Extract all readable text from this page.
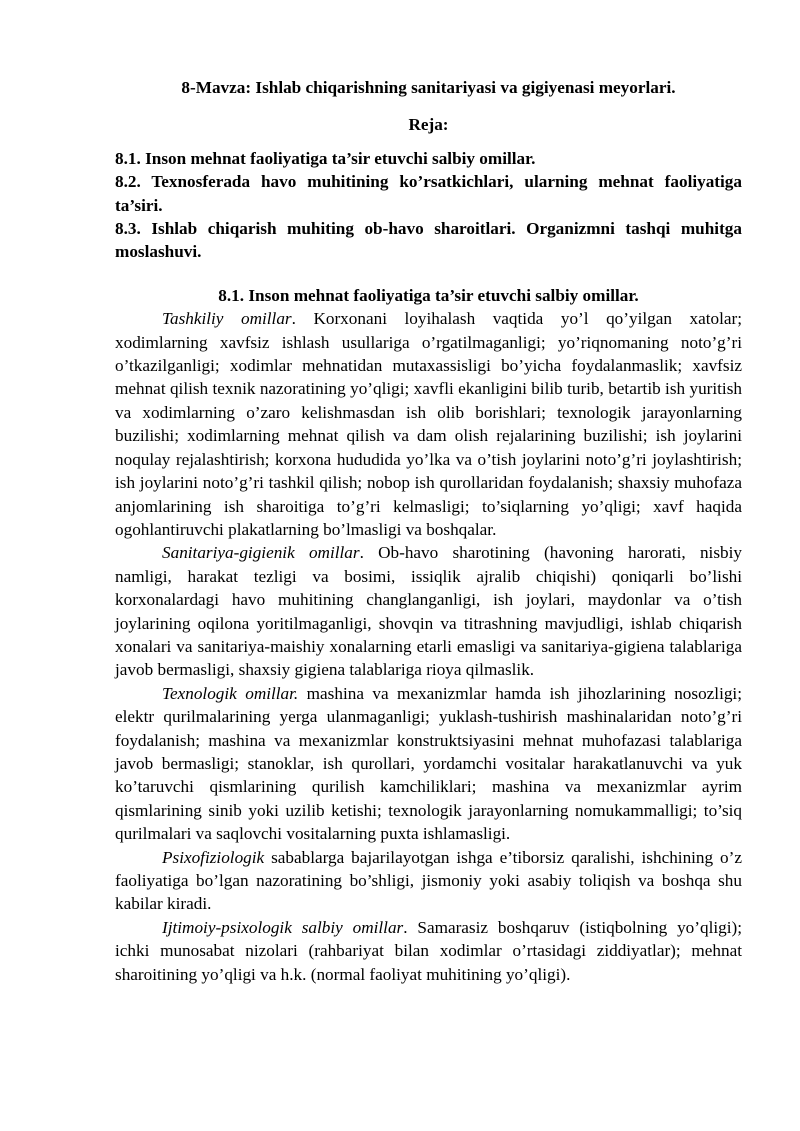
8-Mavza: Ishlab chiqarishning sanitariyasi va gigiyenasi meyorlari.

Reja:

8.1. Inson mehnat faoliyatiga ta’sir etuvchi salbiy omillar.
8.2. Texnosferada havo muhitining ko’rsatkichlari, ularning mehnat faoliyatiga ta’siri.
8.3. Ishlab chiqarish muhiting ob-havo sharoitlari. Organizmni tashqi muhitga moslashuvi.

8.1. Inson mehnat faoliyatiga ta’sir etuvchi salbiy omillar.

Tashkiliy omillar. Korxonani loyihalash vaqtida yo’l qo’yilgan xatolar; xodimlarning xavfsiz ishlash usullariga o’rgatilmaganligi; yo’riqnomaning noto’g’ri o’tkazilganligi; xodimlar mehnatidan mutaxassisligi bo’yicha foydalanmaslik; xavfsiz mehnat qilish texnik nazoratining yo’qligi; xavfli ekanligini bilib turib, betartib ish yuritish va xodimlarning o’zaro kelishmasdan ish olib borishlari; texnologik jarayonlarning buzilishi; xodimlarning mehnat qilish va dam olish rejalarining buzilishi; ish joylarini noqulay rejalashtirish; korxona hududida yo’lka va o’tish joylarini noto’g’ri joylashtirish; ish joylarini noto’g’ri tashkil qilish; nobop ish qurollaridan foydalanish; shaxsiy muhofaza anjomlarining ish sharoitiga to’g’ri kelmasligi; to’siqlarning yo’qligi; xavf haqida ogohlantiruvchi plakatlarning bo’lmasligi va boshqalar.

Sanitariya-gigienik omillar. Ob-havo sharotining (havoning harorati, nisbiy namligi, harakat tezligi va bosimi, issiqlik ajralib chiqishi) qoniqarli bo’lishi korxonalardagi havo muhitining changlanganligi, ish joylari, maydonlar va o’tish joylarining oqilona yoritilmaganligi, shovqin va titrashning mavjudligi, ishlab chiqarish xonalari va sanitariya-maishiy xonalarning etarli emasligi va sanitariya-gigiena talablariga javob bermasligi, shaxsiy gigiena talablariga rioya qilmaslik.

Texnologik omillar. mashina va mexanizmlar hamda ish jihozlarining nosozligi; elektr qurilmalarining yerga ulanmaganligi; yuklash-tushirish mashinalaridan noto’g’ri foydalanish; mashina va mexanizmlar konstruktsiyasini mehnat muhofazasi talablariga javob bermasligi; stanoklar, ish qurollari, yordamchi vositalar harakatlanuvchi va yuk ko’taruvchi qismlarining qurilish kamchiliklari; mashina va mexanizmlar ayrim qismlarining sinib yoki uzilib ketishi; texnologik jarayonlarning nomukammalligi; to’siq qurilmalari va saqlovchi vositalarning puxta ishlamasligi.

Psixofiziologik sabablarga bajarilayotgan ishga e’tiborsiz qaralishi, ishchining o’z faoliyatiga bo’lgan nazoratining bo’shligi, jismoniy yoki asabiy toliqish va boshqa shu kabilar kiradi.

Ijtimoiy-psixologik salbiy omillar. Samarasiz boshqaruv (istiqbolning yo’qligi); ichki munosabat nizolari (rahbariyat bilan xodimlar o’rtasidagi ziddiyatlar); mehnat sharoitining yo’qligi va h.k. (normal faoliyat muhitining yo’qligi).
